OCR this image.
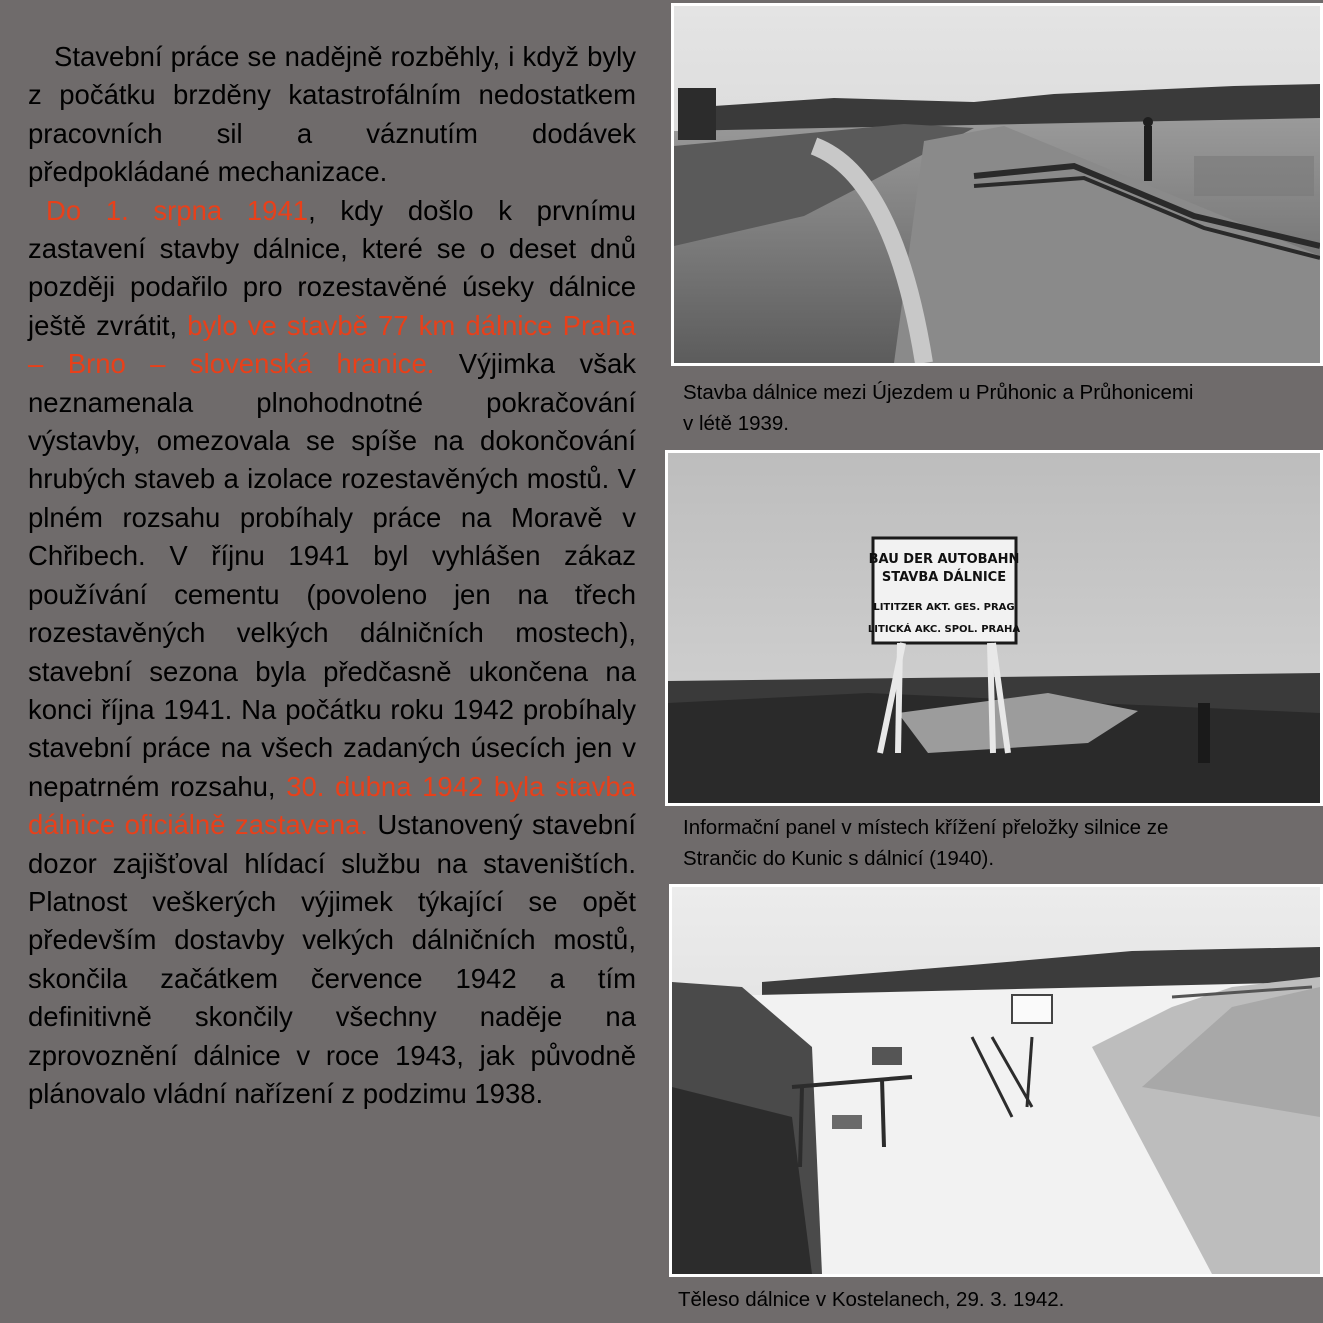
Stavební práce se nadějně rozběhly, i když byly z počátku brzděny katastrofálním nedostatkem pracovních sil a váznutím dodávek předpokládané mechanizace.

Do 1. srpna 1941, kdy došlo k prvnímu zastavení stavby dálnice, které se o deset dnů později podařilo pro rozestavěné úseky dálnice ještě zvrátit, bylo ve stavbě 77 km dálnice Praha – Brno – slovenská hranice. Výjimka však neznamenala plnohodnotné pokračování výstavby, omezovala se spíše na dokončování hrubých staveb a izolace rozestavěných mostů. V plném rozsahu probíhaly práce na Moravě v Chřibech. V říjnu 1941 byl vyhlášen zákaz používání cementu (povoleno jen na třech rozestavěných velkých dálničních mostech), stavební sezona byla předčasně ukončena na konci října 1941. Na počátku roku 1942 probíhaly stavební práce na všech zadaných úsecích jen v nepatrném rozsahu, 30. dubna 1942 byla stavba dálnice oficiálně zastavena. Ustanovený stavební dozor zajišťoval hlídací službu na staveništích. Platnost veškerých výjimek týkající se opět především dostavby velkých dálničních mostů, skončila začátkem července 1942 a tím definitivně skončily všechny naděje na zprovoznění dálnice v roce 1943, jak původně plánovalo vládní nařízení z podzimu 1938.

Stavba dálnice mezi Újezdem u Průhonic a Průhonicemi
v létě 1939.
BAU DER AUTOBAHN
STAVBA DÁLNICE
LITITZER AKT. GES. PRAG
LITICKÁ AKC. SPOL. PRAHA
Informační panel v místech křížení přeložky silnice ze
Strančic do Kunic s dálnicí (1940).
Těleso dálnice v Kostelanech, 29. 3. 1942.
